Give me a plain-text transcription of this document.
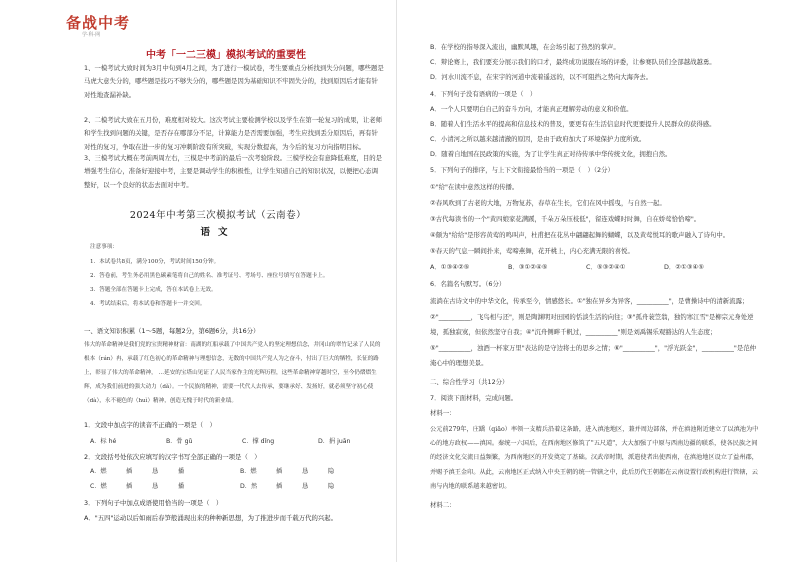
备战中考
学·科·网
中考「一二三模」模拟考试的重要性
1、一模考试大致时间为3月中旬到4月之间，为了进行一模试卷，考生要重点分析找到失分问题，哪些题是马虎大意失分的，哪些题是技巧不够失分的，哪些题是因为基础知识不牢固失分的，找到原因后才能有针对性地查漏补缺。
2、二模考试大致在五月份，难度相对较大。这次考试主要检测学校以及学生在第一轮复习的成果，让老师和学生找到问题的关键，是否存在哪部分不足，计算能力是否需要加强，考生应找到丢分原因后，再有针对性的复习，争取在进一步的复习冲刺阶段有所突破，实现分数提高，为今后的复习方向指明目标。
3、三模考试大概在考前两周左右，三模是中考前的最后一次考验阶段。三模学校会有意降低难度，目的是增强考生信心，准备好迎接中考，主要是调动学生的积极性，让学生知道自己的知识状况，以便把心态调整好，以一个良好的状态去面对中考。
2024年中考第三次模拟考试（云南卷）
语文
注意事项：
1．本试卷共8页，满分100分，考试时间150分钟。
2．答卷前，考生务必用黑色碳素笔将自己的姓名、准考证号、考场号、座位号填写在答题卡上。
3．答题全部在答题卡上完成，答在本试卷上无效。
4．考试结束后，将本试卷和答题卡一并交回。
一、语文知识积累（1～5题，每题2分，第6题6分，共16分）
伟大的革命精神是我们党的宝贵精神财富：南湖的红船承载了中国共产党人的坚定理想信念，井冈山的翠竹记录了人民的根本（rán）冉，承载了红色初心的革命精神与理想信念，无数的中国共产党人为之奋斗，付出了巨大的牺牲，长征的路上，彰显了伟大的革命精神， …延安的宝塔山见证了人民当家作主的光辉历程，这些革命精神穿越时空，至今仍熠熠生辉，成为我们前进的强大动力（dǎ）。一个民族的精神，需要一代代人去传承，要继承好、发扬好，就必须坚守初心使
（dà），永不褪色的（huì）精神，创造无愧于时代的新业绩。
1．文段中加点字的读音不正确的一项是（　）
A．标 hé	B．骨 gǔ	C．撑 dǐng	D．捐 juān
2．文段括号处依次应填写的汉字书写全部正确的一项是（　）
A．燃	插	恳	播	B．燃	插	恳	隐
C．燃	插	恳	播	D．然	插	恳	隐
3．下列句子中加点成语使用恰当的一项是（　）
A．"五四"运动以后如雨后春笋般涌现出来的种种新思想，为了推进步而千载万代的兴起。
B．在学校的指导深入流出，幽默风趣，在会场引起了热烈的掌声。
C．辩论赛上，我们要充分展示我们的口才，最终成功说服在场的评委，让参赛队员们全部越战越勇。
D．河水川流不息，在宋宇的河道中流着遥远的，以不可阻挡之势向大海奔去。
4．下列句子没有语病的一项是（　）
A．一个人只要明白自己的奋斗方向，才能真正理解劳动的意义和价值。
B．随着人们生活水平的提高和信息技术的普及，要更有在生活信息时代更要提升人民群众的获得感。
C．小清河之所以越来越清澈的原因，是由于政府加大了环境保护力度所致。
D．随着自地国在民政策的实施，为了让学生真正对待传承中华传统文化，拥抱自然。
5．下列句子的排序，与上下文衔接最恰当的一项是（　）（2分）
①"给"在读中意然这样的传播。
②春风吹到了古老的大地，万物复苏，春草在生长，它们在风中摇曳，与自然一起。
③古代每读书的一个"黄四娘家花满蹊，千朵万朵压枝低"，留连戏蝶时时舞，自在娇莺恰恰啼"。
④颇为"给给"是形容黄莺的鸣叫声，杜甫把在花丛中翩翩起舞的蝴蝶，以及黄莺悦耳的歌声融入了诗句中。
⑤春天的气息一瞬间扑来，莺啼燕舞，花开桃上，内心充满无限的喜悦。
A．①③④②⑤	B．③①②④⑤	C．⑤③②④①	D．②①③④⑤
6．名篇名句默写。（6分）
流淌在古诗文中的中华文化，传承至今，情感悠长。①"独在异乡为异客，__________"，是曹操诗中的清新流露；②"__________，飞鸟相与还"，则是陶渊明对田园的恬淡生活的向往；③"孤舟蓑笠翁，独钓寒江雪"是柳宗元身处逆境，孤独寂寞，但依然坚守自我；④"沉舟侧畔千帆过，__________"则是刘禹锡乐观豁达的人生态度；⑤"__________，浊酒一杯家万里"表达的是守边将士的思乡之情；⑥"__________"，"浮光跃金"，__________"是范仲淹心中的理想美景。
二、综合性学习（共12分）
7．阅读下面材料，完成问题。
材料一：
公元前279年，庄蹻（qiāo）率领一支精兵沿着这条路，进入滇池地区，兼并周边部落，并在滇池附近建立了以滇池为中心的地方政权——滇国。秦统一六国后，在西南地区修筑了"五尺道"，大大加强了中原与西南边疆的联系，使各民族之间的经济文化交流日益频繁，为西南地区的开发奠定了基础。汉武帝时期，派遣使者出使西南，在滇池地区设立了益州郡，并赐予滇王金印。从此，云南地区正式纳入中央王朝的统一管辖之中，此后历代王朝都在云南设置行政机构进行管辖，云南与内地的联系越来越密切。
材料二：
